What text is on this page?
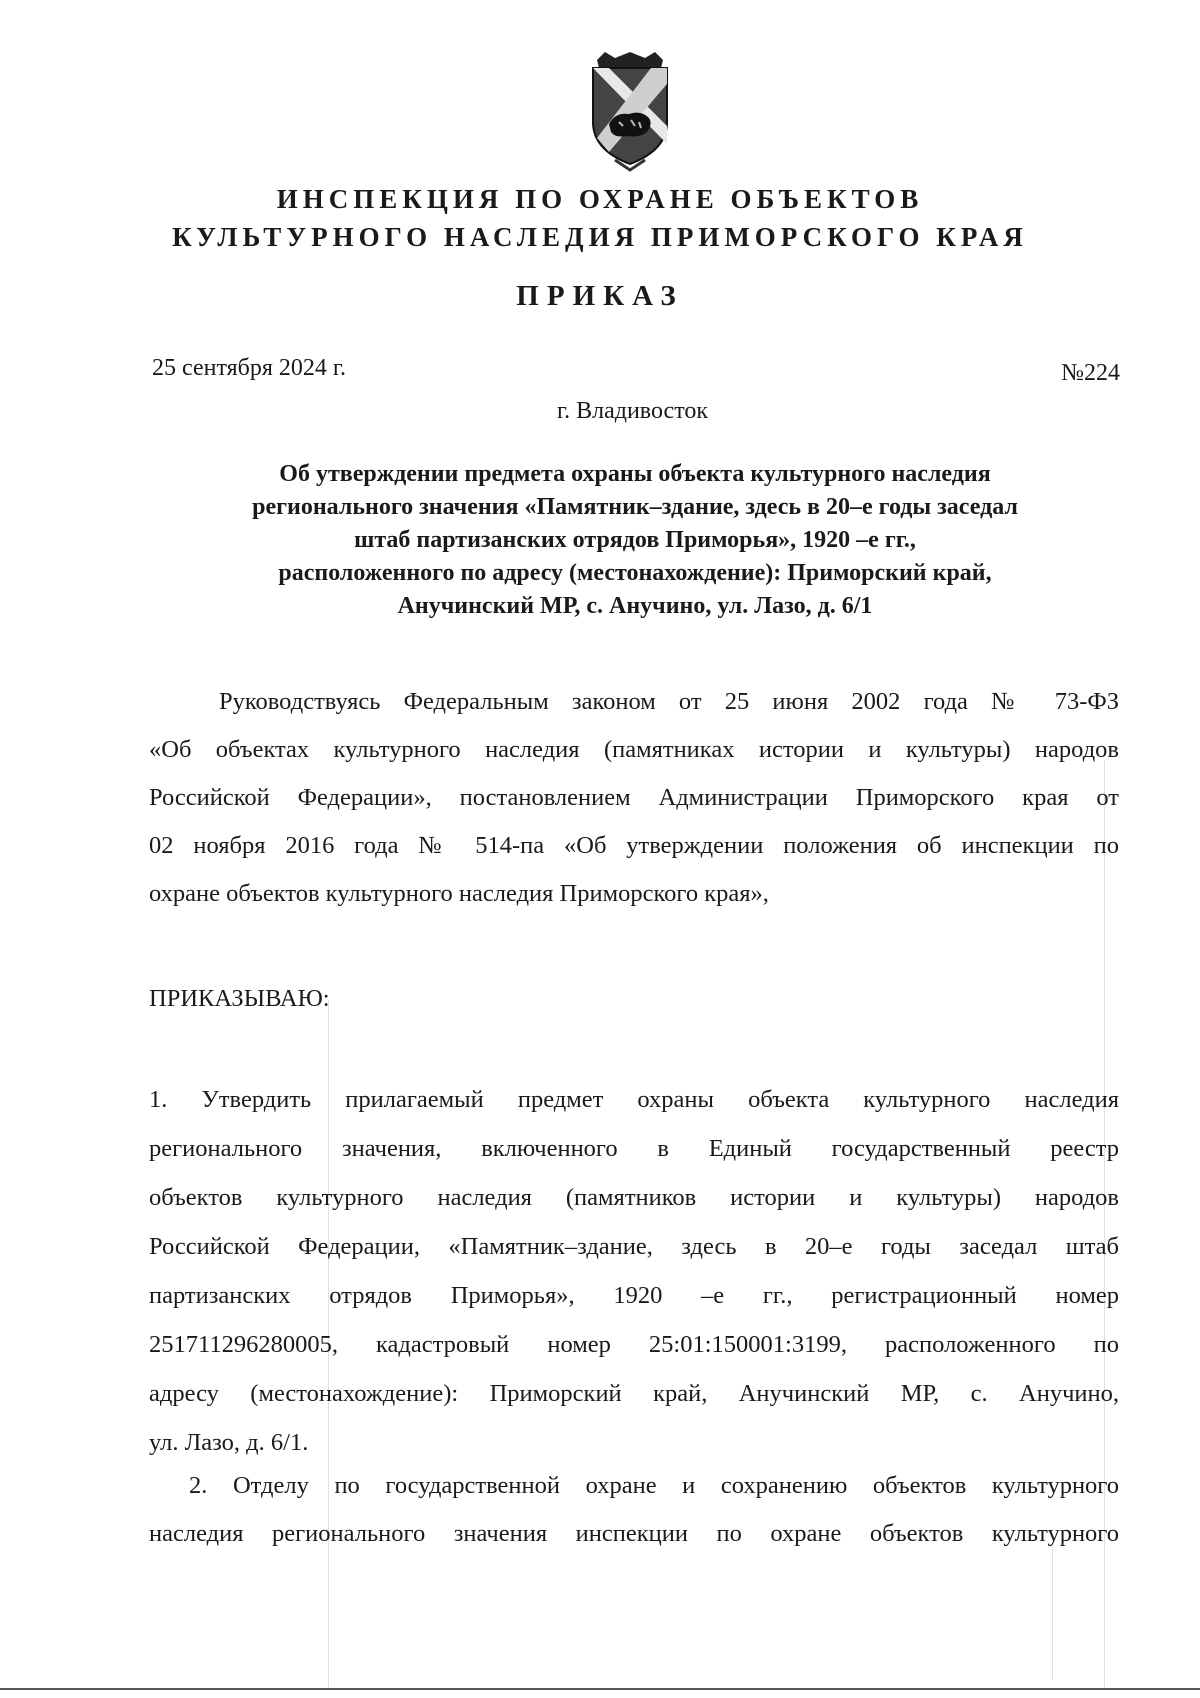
ИНСПЕКЦИЯ ПО ОХРАНЕ ОБЪЕКТОВ
КУЛЬТУРНОГО НАСЛЕДИЯ ПРИМОРСКОГО КРАЯ
ПРИКАЗ
25 сентября 2024 г.	№224
г. Владивосток
Об утверждении предмета охраны объекта культурного наследия
регионального значения «Памятник–здание, здесь в 20–е годы заседал
штаб партизанских отрядов Приморья», 1920 –е гг.,
расположенного по адресу (местонахождение): Приморский край,
Анучинский МР, с. Анучино, ул. Лазо, д. 6/1
Руководствуясь Федеральным законом от 25 июня 2002 года № 73-ФЗ
«Об объектах культурного наследия (памятниках истории и культуры) народов
Российской Федерации», постановлением Администрации Приморского края от
02 ноября 2016 года № 514-па «Об утверждении положения об инспекции по
охране объектов культурного наследия Приморского края»,
ПРИКАЗЫВАЮ:
1. Утвердить прилагаемый предмет охраны объекта культурного наследия
регионального значения, включенного в Единый государственный реестр
объектов культурного наследия (памятников истории и культуры) народов
Российской Федерации, «Памятник–здание, здесь в 20–е годы заседал штаб
партизанских отрядов Приморья», 1920 –е гг., регистрационный номер
251711296280005, кадастровый номер 25:01:150001:3199, расположенного по
адресу (местонахождение): Приморский край, Анучинский МР, с. Анучино,
ул. Лазо, д. 6/1.
2. Отделу по государственной охране и сохранению объектов культурного
наследия регионального значения инспекции по охране объектов культурного
